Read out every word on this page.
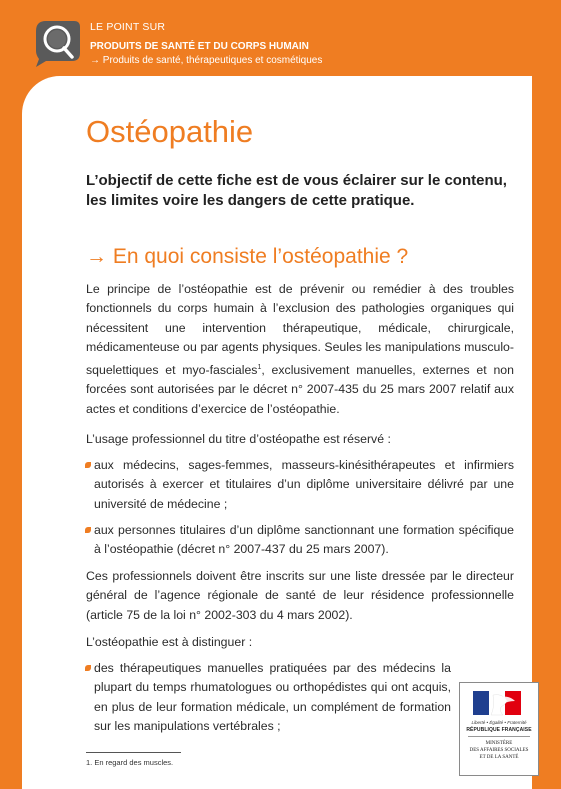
LE POINT SUR
PRODUITS DE SANTÉ ET DU CORPS HUMAIN
→ Produits de santé, thérapeutiques et cosmétiques
Ostéopathie

L’objectif de cette fiche est de vous éclairer sur le contenu, les limites voire les dangers de cette pratique.

→ En quoi consiste l’ostéopathie ?

Le principe de l’ostéopathie est de prévenir ou remédier à des troubles fonctionnels du corps humain à l’exclusion des pathologies organiques qui nécessitent une intervention thérapeutique, médicale, chirurgicale, médicamenteuse ou par agents physiques. Seules les manipulations musculo-squelettiques et myo-fasciales$^1$, exclusivement manuelles, externes et non forcées sont autorisées par le décret n° 2007-435 du 25 mars 2007 relatif aux actes et conditions d’exercice de l’ostéopathie.

L’usage professionnel du titre d’ostéopathe est réservé :

aux médecins, sages-femmes, masseurs-kinésithérapeutes et infirmiers autorisés à exercer et titulaires d’un diplôme universitaire délivré par une université de médecine ;
aux personnes titulaires d’un diplôme sanctionnant une formation spécifique à l’ostéopathie (décret n° 2007-437 du 25 mars 2007).

Ces professionnels doivent être inscrits sur une liste dressée par le directeur général de l’agence régionale de santé de leur résidence professionnelle (article 75 de la loi n° 2002-303 du 4 mars 2002).

L’ostéopathie est à distinguer :

des thérapeutiques manuelles pratiquées par des médecins la plupart du temps rhumatologues ou orthopédistes qui ont acquis, en plus de leur formation médicale, un complément de formation sur les manipulations vertébrales ;
1. En regard des muscles.
Liberté • Égalité • Fraternité
RÉPUBLIQUE FRANÇAISE
MINISTÈRE
DES AFFAIRES SOCIALES
ET DE LA SANTÉ
